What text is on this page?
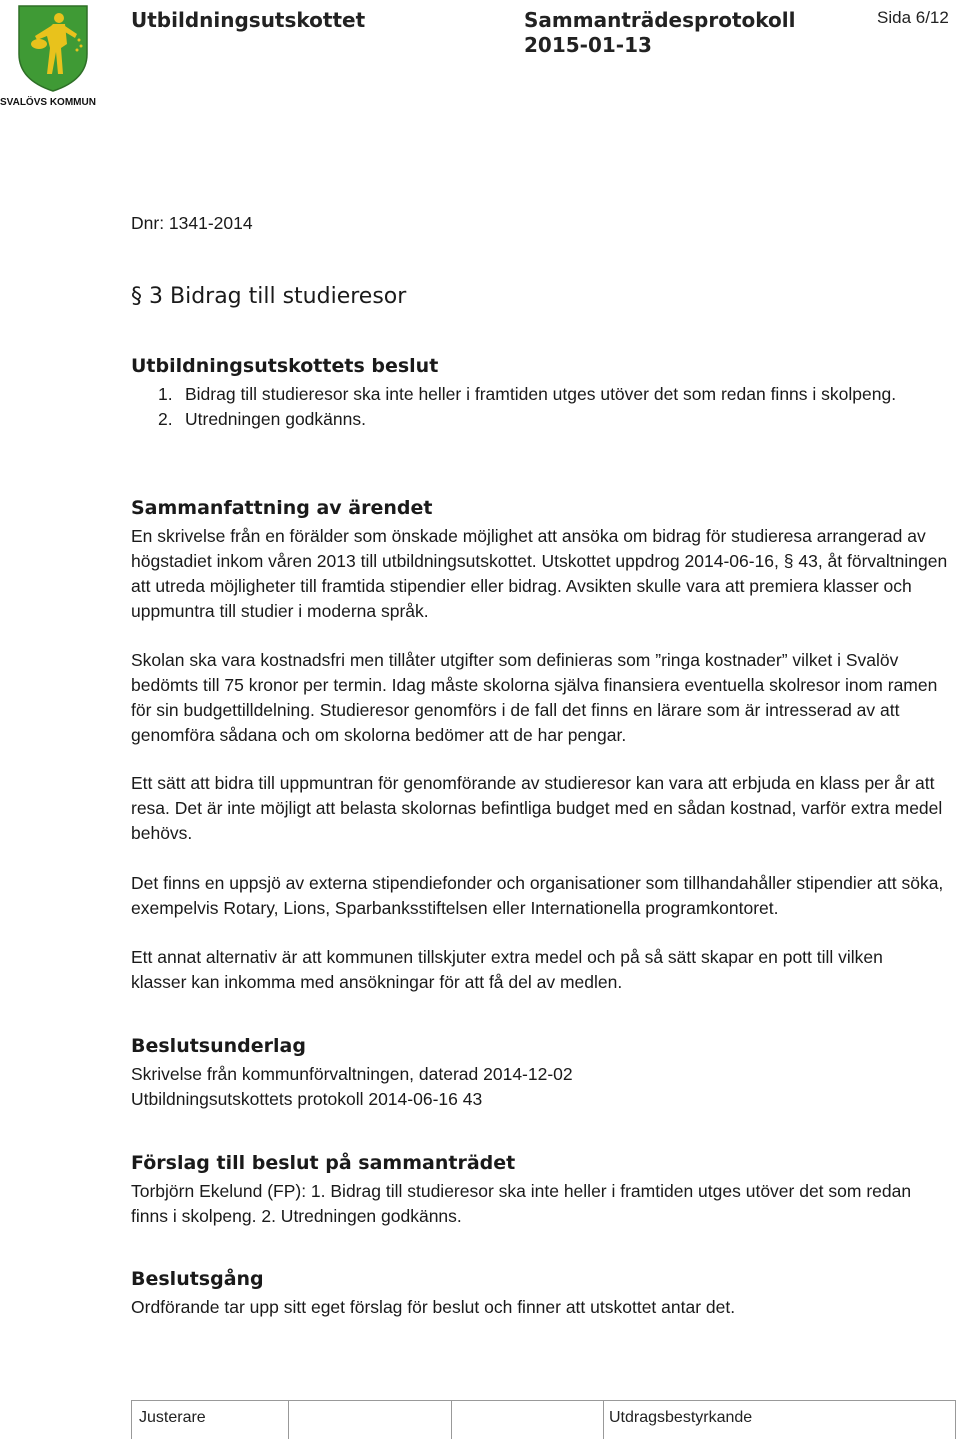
SVALÖVS KOMMUN
Utbildningsutskottet	Sammanträdesprotokoll
2015-01-13
Sida 6/12

Dnr: 1341-2014

§ 3 Bidrag till studieresor
Utbildningsutskottets beslut
1. Bidrag till studieresor ska inte heller i framtiden utges utöver det som redan finns i skolpeng.
2. Utredningen godkänns.
Sammanfattning av ärendet

En skrivelse från en förälder som önskade möjlighet att ansöka om bidrag för studieresa arrangerad av högstadiet inkom våren 2013 till utbildningsutskottet. Utskottet uppdrog 2014-06-16, § 43, åt förvaltningen att utreda möjligheter till framtida stipendier eller bidrag. Avsikten skulle vara att premiera klasser och uppmuntra till studier i moderna språk.

Skolan ska vara kostnadsfri men tillåter utgifter som definieras som ”ringa kostnader” vilket i Svalöv bedömts till 75 kronor per termin. Idag måste skolorna själva finansiera eventuella skolresor inom ramen för sin budgettilldelning. Studieresor genomförs i de fall det finns en lärare som är intresserad av att genomföra sådana och om skolorna bedömer att de har pengar.

Ett sätt att bidra till uppmuntran för genomförande av studieresor kan vara att erbjuda en klass per år att resa. Det är inte möjligt att belasta skolornas befintliga budget med en sådan kostnad, varför extra medel behövs.

Det finns en uppsjö av externa stipendiefonder och organisationer som tillhandahåller stipendier att söka, exempelvis Rotary, Lions, Sparbanksstiftelsen eller Internationella programkontoret.

Ett annat alternativ är att kommunen tillskjuter extra medel och på så sätt skapar en pott till vilken klasser kan inkomma med ansökningar för att få del av medlen.

Beslutsunderlag

Skrivelse från kommunförvaltningen, daterad 2014-12-02

Utbildningsutskottets protokoll 2014-06-16 43

Förslag till beslut på sammanträdet

Torbjörn Ekelund (FP): 1. Bidrag till studieresor ska inte heller i framtiden utges utöver det som redan finns i skolpeng. 2. Utredningen godkänns.

Beslutsgång

Ordförande tar upp sitt eget förslag för beslut och finner att utskottet antar det.

Justerare	Utdragsbestyrkande
